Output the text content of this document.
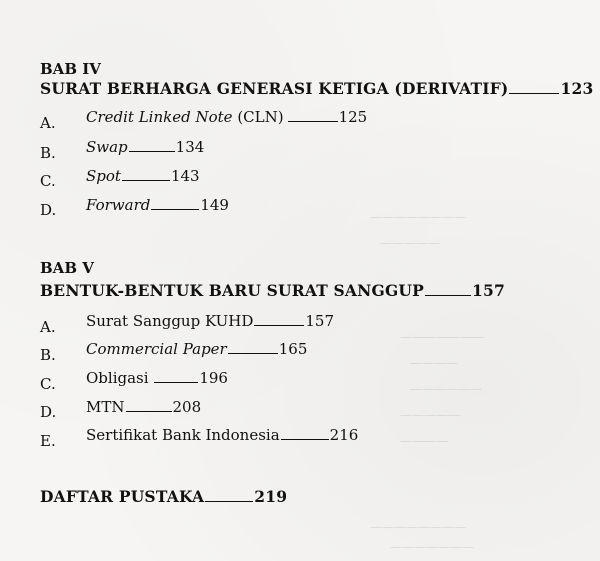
————————
—————
———————
————
——————
—————
————
————————
———————
BAB IV
SURAT BERHARGA GENERASI KETIGA (DERIVATIF)	123
A. Credit Linked Note (CLN)	125
B. Swap	134
C. Spot	143
D. Forward	149
BAB V
BENTUK-BENTUK BARU SURAT SANGGUP	157
A. Surat Sanggup KUHD	157
B. Commercial Paper	165
C. Obligasi	196
D. MTN	208
E. Sertifikat Bank Indonesia	216
DAFTAR PUSTAKA	219
